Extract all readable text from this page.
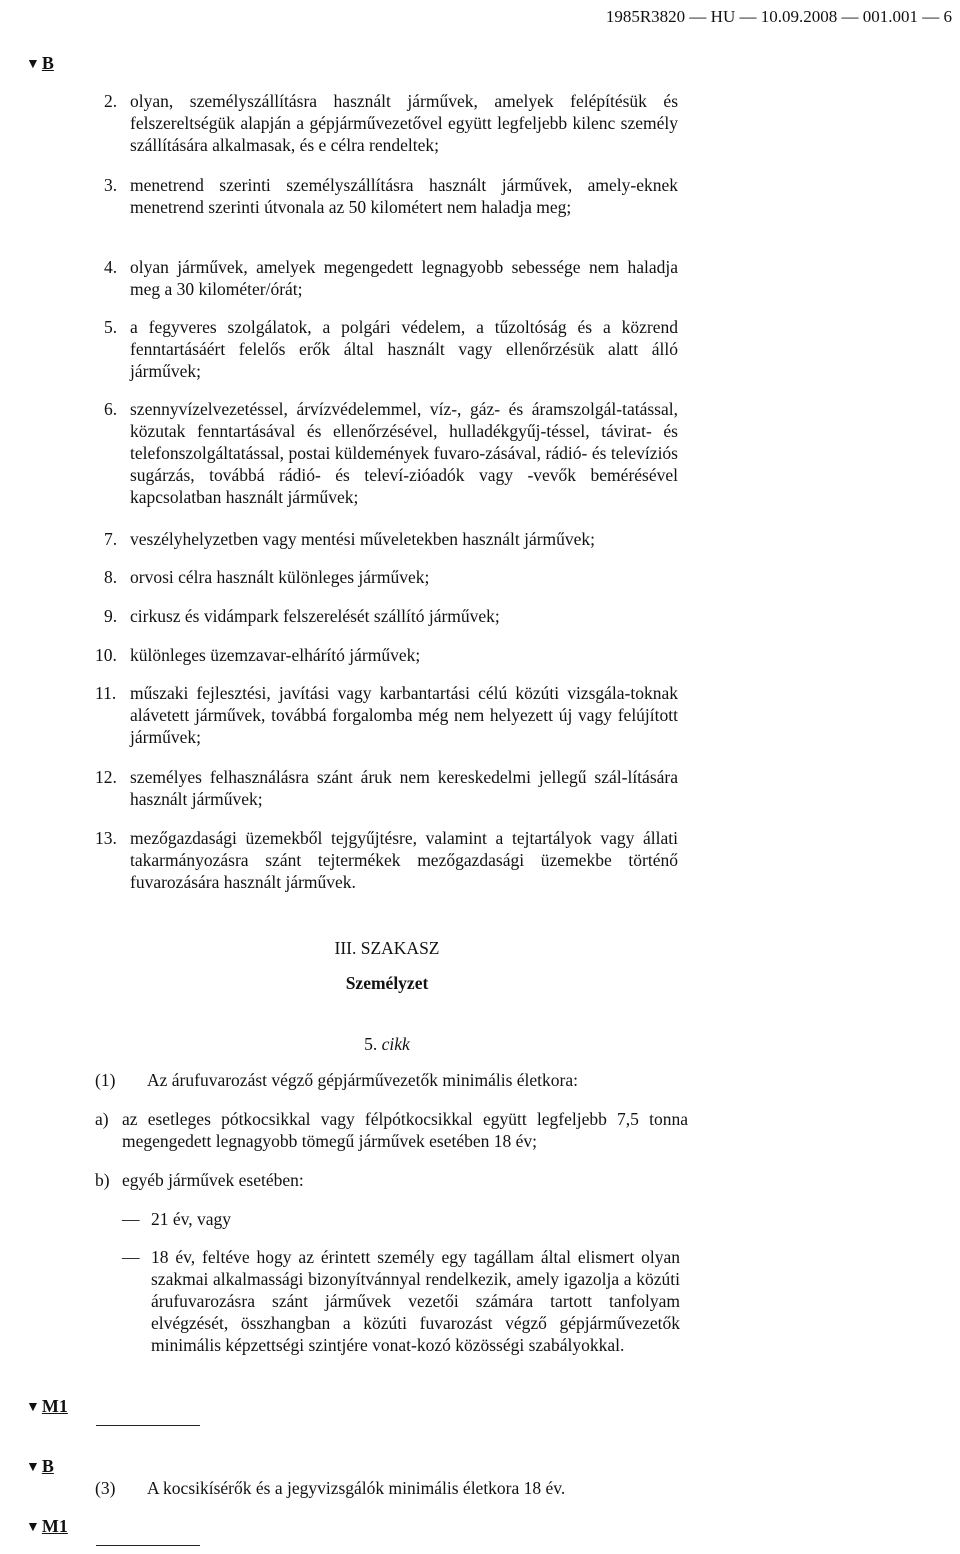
1985R3820 — HU — 10.09.2008 — 001.001 — 6
▼ B
2. olyan, személyszállításra használt járművek, amelyek felépítésük és felszereltségük alapján a gépjárművezetővel együtt legfeljebb kilenc személy szállítására alkalmasak, és e célra rendeltek;
3. menetrend szerinti személyszállításra használt járművek, amely-eknek menetrend szerinti útvonala az 50 kilométert nem haladja meg;
4. olyan járművek, amelyek megengedett legnagyobb sebessége nem haladja meg a 30 kilométer/órát;
5. a fegyveres szolgálatok, a polgári védelem, a tűzoltóság és a közrend fenntartásáért felelős erők által használt vagy ellenőrzésük alatt álló járművek;
6. szennyvízelvezetéssel, árvízvédelemmel, víz-, gáz- és áramszolgál-tatással, közutak fenntartásával és ellenőrzésével, hulladékgyűj-téssel, távirat- és telefonszolgáltatással, postai küldemények fuvaro-zásával, rádió- és televíziós sugárzás, továbbá rádió- és televí-zióadók vagy -vevők bemérésével kapcsolatban használt járművek;
7. veszélyhelyzetben vagy mentési műveletekben használt járművek;
8. orvosi célra használt különleges járművek;
9. cirkusz és vidámpark felszerelését szállító járművek;
10. különleges üzemzavar-elhárító járművek;
11. műszaki fejlesztési, javítási vagy karbantartási célú közúti vizsgála-toknak alávetett járművek, továbbá forgalomba még nem helyezett új vagy felújított járművek;
12. személyes felhasználásra szánt áruk nem kereskedelmi jellegű szál-lítására használt járművek;
13. mezőgazdasági üzemekből tejgyűjtésre, valamint a tejtartályok vagy állati takarmányozásra szánt tejtermékek mezőgazdasági üzemekbe történő fuvarozására használt járművek.
III. SZAKASZ
Személyzet
5. cikk
(1) Az árufuvarozást végző gépjárművezetők minimális életkora:
a) az esetleges pótkocsikkal vagy félpótkocsikkal együtt legfeljebb 7,5 tonna megengedett legnagyobb tömegű járművek esetében 18 év;
b) egyéb járművek esetében:
— 21 év, vagy
— 18 év, feltéve hogy az érintett személy egy tagállam által elismert olyan szakmai alkalmassági bizonyítvánnyal rendelkezik, amely igazolja a közúti árufuvarozásra szánt járművek vezetői számára tartott tanfolyam elvégzését, összhangban a közúti fuvarozást végző gépjárművezetők minimális képzettségi szintjére vonat-kozó közösségi szabályokkal.
▼ M1
▼ B
(3) A kocsikísérők és a jegyvizsgálók minimális életkora 18 év.
▼ M1
